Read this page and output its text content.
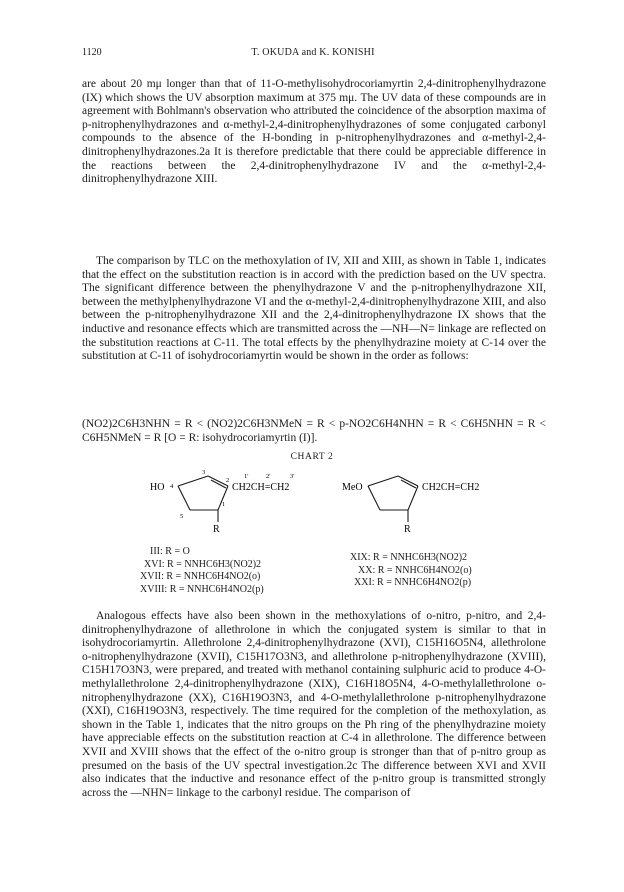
1120	T. OKUDA and K. KONISHI

are about 20 mμ longer than that of 11-O-methylisohydrocoriamyrtin 2,4-dinitrophenylhydrazone (IX) which shows the UV absorption maximum at 375 mμ. The UV data of these compounds are in agreement with Bohlmann's observation who attributed the coincidence of the absorption maxima of p-nitrophenylhydrazones and α-methyl-2,4-dinitrophenylhydrazones of some conjugated carbonyl compounds to the absence of the H-bonding in p-nitrophenylhydrazones and α-methyl-2,4-dinitrophenylhydrazones.2a It is therefore predictable that there could be appreciable difference in the reactions between the 2,4-dinitrophenylhydrazone IV and the α-methyl-2,4-dinitrophenylhydrazone XIII.

The comparison by TLC on the methoxylation of IV, XII and XIII, as shown in Table 1, indicates that the effect on the substitution reaction is in accord with the prediction based on the UV spectra. The significant difference between the phenylhydrazone V and the p-nitrophenylhydrazone XII, between the methylphenylhydrazone VI and the α-methyl-2,4-dinitrophenylhydrazone XIII, and also between the p-nitrophenylhydrazone XII and the 2,4-dinitrophenylhydrazone IX shows that the inductive and resonance effects which are transmitted across the —NH—N= linkage are reflected on the substitution reactions at C-11. The total effects by the phenylhydrazine moiety at C-14 over the substitution at C-11 of isohydrocoriamyrtin would be shown in the order as follows:

(NO2)2C6H3NHN = R < (NO2)2C6H3NMeN = R < p-NO2C6H4NHN = R < C6H5NHN = R < C6H5NMeN = R [O = R: isohydrocoriamyrtin (I)].

CHART 2
HO	CH2CH=CH2
R
1
2
3
4
5
1'	2'	3'
MeO	CH2CH=CH2
R
III: R = O
XVI: R = NNHC6H3(NO2)2
XVII: R = NNHC6H4NO2(o)
XVIII: R = NNHC6H4NO2(p)
XIX: R = NNHC6H3(NO2)2
XX: R = NNHC6H4NO2(o)
XXI: R = NNHC6H4NO2(p)

Analogous effects have also been shown in the methoxylations of o-nitro, p-nitro, and 2,4-dinitrophenylhydrazone of allethrolone in which the conjugated system is similar to that in isohydrocoriamyrtin. Allethrolone 2,4-dinitrophenylhydrazone (XVI), C15H16O5N4, allethrolone o-nitrophenylhydrazone (XVII), C15H17O3N3, and allethrolone p-nitrophenylhydrazone (XVIII), C15H17O3N3, were prepared, and treated with methanol containing sulphuric acid to produce 4-O-methylallethrolone 2,4-dinitrophenylhydrazone (XIX), C16H18O5N4, 4-O-methylallethrolone o-nitrophenylhydrazone (XX), C16H19O3N3, and 4-O-methylallethrolone p-nitrophenylhydrazone (XXI), C16H19O3N3, respectively. The time required for the completion of the methoxylation, as shown in the Table 1, indicates that the nitro groups on the Ph ring of the phenylhydrazine moiety have appreciable effects on the substitution reaction at C-4 in allethrolone. The difference between XVII and XVIII shows that the effect of the o-nitro group is stronger than that of p-nitro group as presumed on the basis of the UV spectral investigation.2c The difference between XVI and XVII also indicates that the inductive and resonance effect of the p-nitro group is transmitted strongly across the —NHN= linkage to the carbonyl residue. The comparison of
